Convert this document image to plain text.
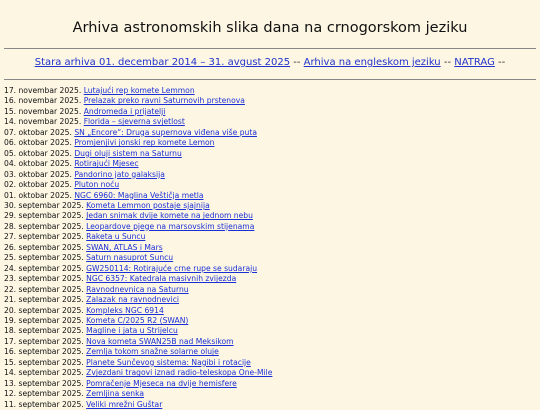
Arhiva astronomskih slika dana na crnogorskom jeziku
Stara arhiva 01. decembar 2014 – 31. avgust 2025 -- Arhiva na engleskom jeziku -- NATRAG --
17. novembar 2025. Lutajući rep komete Lemmon
16. novembar 2025. Prelazak preko ravni Saturnovih prstenova
15. novembar 2025. Andromeda i prijatelji
14. novembar 2025. Florida – sjeverna svjetlost
07. oktobar 2025. SN „Encore“: Druga supernova viđena više puta
06. oktobar 2025. Promjenjivi jonski rep komete Lemon
05. oktobar 2025. Dugi oluji sistem na Saturnu
04. oktobar 2025. Rotirajući Mjesec
03. oktobar 2025. Pandorino jato galaksija
02. oktobar 2025. Pluton noću
01. oktobar 2025. NGC 6960: Maglina Veštičja metla
30. septembar 2025. Kometa Lemmon postaje sjajnija
29. septembar 2025. Jedan snimak dvije komete na jednom nebu
28. septembar 2025. Leopardove pjege na marsovskim stijenama
27. septembar 2025. Raketa u Suncu
26. septembar 2025. SWAN, ATLAS i Mars
25. septembar 2025. Saturn nasuprot Suncu
24. septembar 2025. GW250114: Rotirajuće crne rupe se sudaraju
23. septembar 2025. NGC 6357: Katedrala masivnih zvijezda
22. septembar 2025. Ravnodnevnica na Saturnu
21. septembar 2025. Zalazak na ravnodnevici
20. septembar 2025. Kompleks NGC 6914
19. septembar 2025. Kometa C/2025 R2 (SWAN)
18. septembar 2025. Magline i jata u Strijelcu
17. septembar 2025. Nova kometa SWAN25B nad Meksikom
16. septembar 2025. Zemlja tokom snažne solarne oluje
15. septembar 2025. Planete Sunčevog sistema: Nagibi i rotacije
14. septembar 2025. Zvjezdani tragovi iznad radio-teleskopa One-Mile
13. septembar 2025. Pomračenje Mjeseca na dvije hemisfere
12. septembar 2025. Zemljina senka
11. septembar 2025. Veliki mrežni Guštar
